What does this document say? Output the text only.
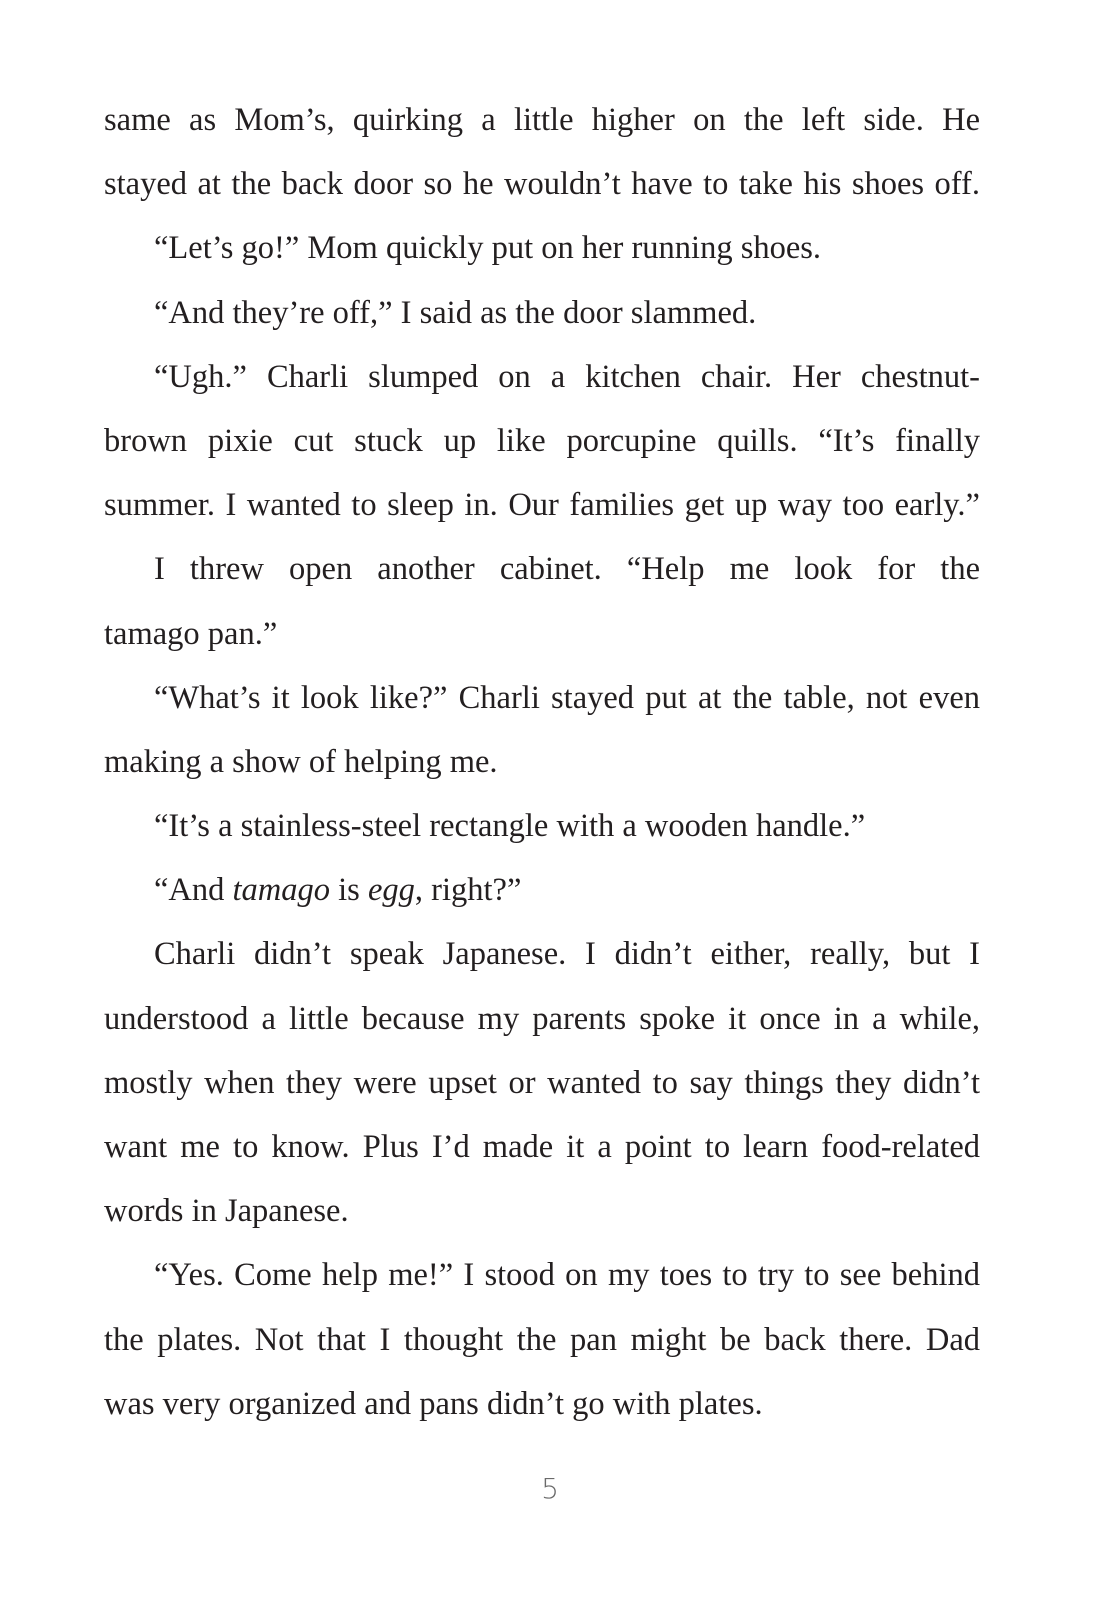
same as Mom’s, quirking a little higher on the left side. He
stayed at the back door so he wouldn’t have to take his shoes off.
“Let’s go!” Mom quickly put on her running shoes.
“And they’re off,” I said as the door slammed.
“Ugh.” Charli slumped on a kitchen chair. Her chestnut-
brown pixie cut stuck up like porcupine quills. “It’s finally
summer. I wanted to sleep in. Our families get up way too early.”
I threw open another cabinet. “Help me look for the
tamago pan.”
“What’s it look like?” Charli stayed put at the table, not even
making a show of helping me.
“It’s a stainless-steel rectangle with a wooden handle.”
“And tamago is egg, right?”
Charli didn’t speak Japanese. I didn’t either, really, but I
understood a little because my parents spoke it once in a while,
mostly when they were upset or wanted to say things they didn’t
want me to know. Plus I’d made it a point to learn food-related
words in Japanese.
“Yes. Come help me!” I stood on my toes to try to see behind
the plates. Not that I thought the pan might be back there. Dad
was very organized and pans didn’t go with plates.
5
